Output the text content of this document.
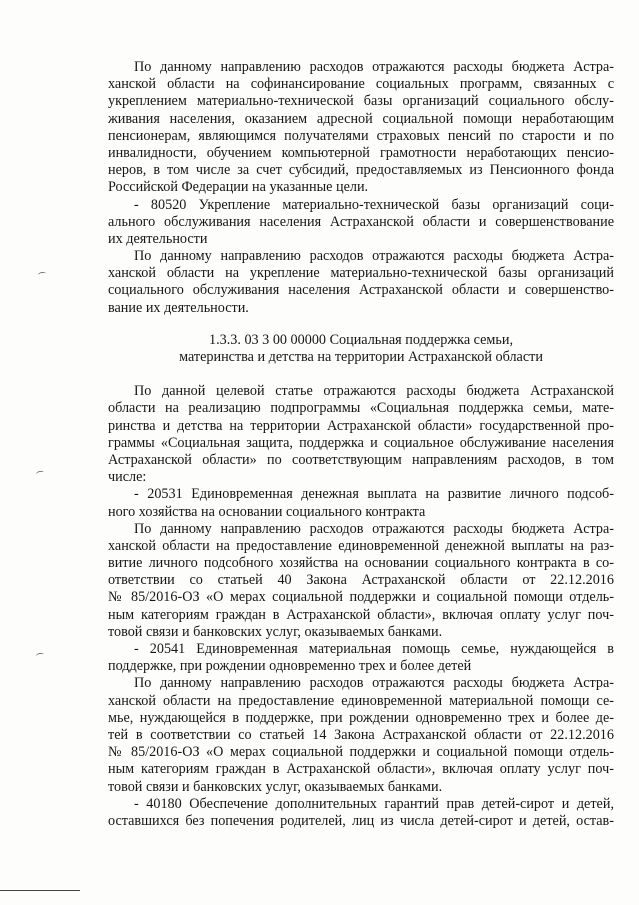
По данному направлению расходов отражаются расходы бюджета Астра-
ханской области на софинансирование социальных программ, связанных с
укреплением материально-технической базы организаций социального обслу-
живания населения, оказанием адресной социальной помощи неработающим
пенсионерам, являющимся получателями страховых пенсий по старости и по
инвалидности, обучением компьютерной грамотности неработающих пенсио-
неров, в том числе за счет субсидий, предоставляемых из Пенсионного фонда
Российской Федерации на указанные цели.
- 80520 Укрепление материально-технической базы организаций соци-
ального обслуживания населения Астраханской области и совершенствование
их деятельности
По данному направлению расходов отражаются расходы бюджета Астра-
ханской области на укрепление материально-технической базы организаций
социального обслуживания населения Астраханской области и совершенство-
вание их деятельности.
1.3.3. 03 3 00 00000 Социальная поддержка семьи,
материнства и детства на территории Астраханской области
По данной целевой статье отражаются расходы бюджета Астраханской
области на реализацию подпрограммы «Социальная поддержка семьи, мате-
ринства и детства на территории Астраханской области» государственной про-
граммы «Социальная защита, поддержка и социальное обслуживание населения
Астраханской области» по соответствующим направлениям расходов, в том
числе:
- 20531 Единовременная денежная выплата на развитие личного подсоб-
ного хозяйства на основании социального контракта
По данному направлению расходов отражаются расходы бюджета Астра-
ханской области на предоставление единовременной денежной выплаты на раз-
витие личного подсобного хозяйства на основании социального контракта в со-
ответствии со статьей 40 Закона Астраханской области от 22.12.2016
№ 85/2016-ОЗ «О мерах социальной поддержки и социальной помощи отдель-
ным категориям граждан в Астраханской области», включая оплату услуг поч-
товой связи и банковских услуг, оказываемых банками.
- 20541 Единовременная материальная помощь семье, нуждающейся в
поддержке, при рождении одновременно трех и более детей
По данному направлению расходов отражаются расходы бюджета Астра-
ханской области на предоставление единовременной материальной помощи се-
мье, нуждающейся в поддержке, при рождении одновременно трех и более де-
тей в соответствии со статьей 14 Закона Астраханской области от 22.12.2016
№ 85/2016-ОЗ «О мерах социальной поддержки и социальной помощи отдель-
ным категориям граждан в Астраханской области», включая оплату услуг поч-
товой связи и банковских услуг, оказываемых банками.
- 40180 Обеспечение дополнительных гарантий прав детей-сирот и детей,
оставшихся без попечения родителей, лиц из числа детей-сирот и детей, остав-
